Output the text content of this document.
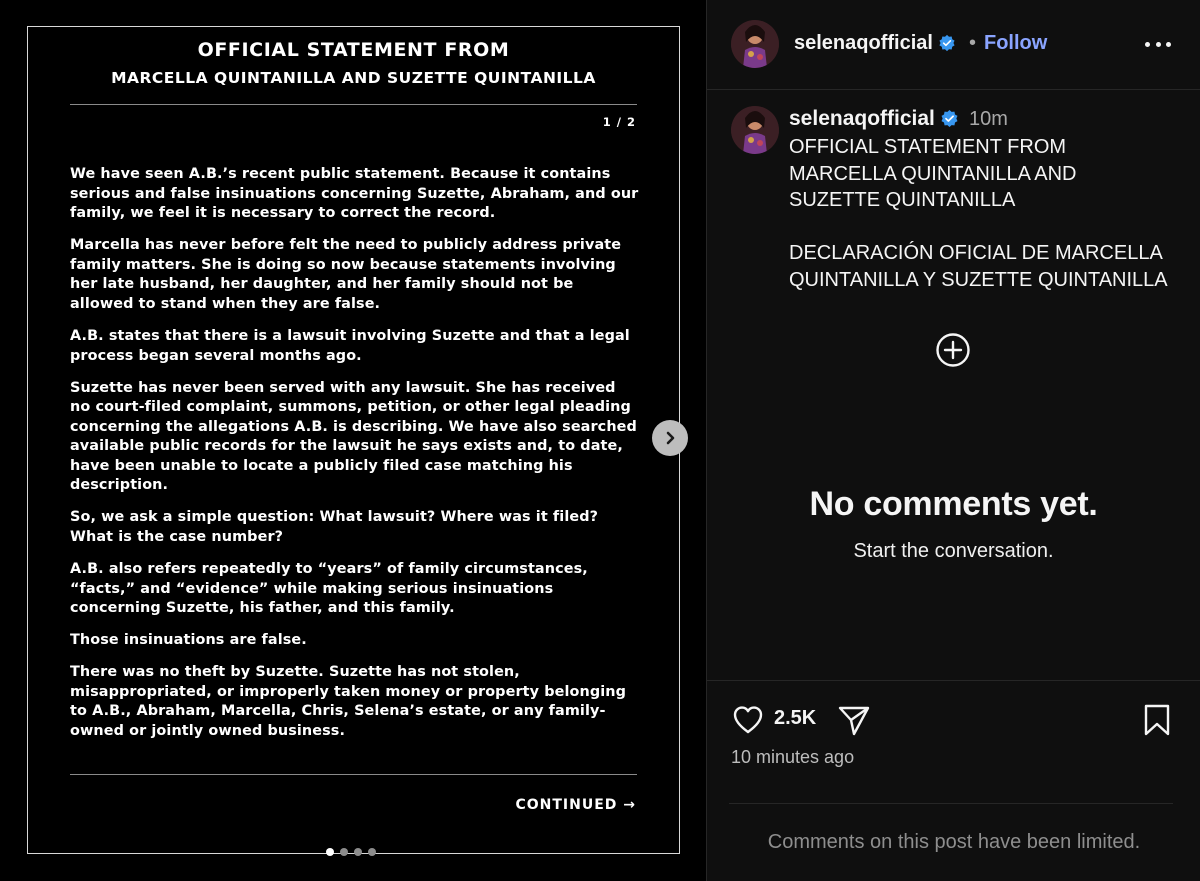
OFFICIAL STATEMENT FROM
MARCELLA QUINTANILLA AND SUZETTE QUINTANILLA
1 / 2

We have seen A.B.’s recent public statement. Because it contains serious and false insinuations concerning Suzette, Abraham, and our family, we feel it is necessary to correct the record.

Marcella has never before felt the need to publicly address private family matters. She is doing so now because statements involving her late husband, her daughter, and her family should not be allowed to stand when they are false.

A.B. states that there is a lawsuit involving Suzette and that a legal process began several months ago.

Suzette has never been served with any lawsuit. She has received no court-filed complaint, summons, petition, or other legal pleading concerning the allegations A.B. is describing. We have also searched available public records for the lawsuit he says exists and, to date, have been unable to locate a publicly filed case matching his description.

So, we ask a simple question: What lawsuit? Where was it filed? What is the case number?

A.B. also refers repeatedly to “years” of family circumstances, “facts,” and “evidence” while making serious insinuations concerning Suzette, his father, and this family.

Those insinuations are false.

There was no theft by Suzette. Suzette has not stolen, misappropriated, or improperly taken money or property belonging to A.B., Abraham, Marcella, Chris, Selena’s estate, or any family-owned or jointly owned business.

CONTINUED →
selenaqofficial	• Follow
selenaqofficial	10m
OFFICIAL STATEMENT FROM
MARCELLA QUINTANILLA AND
SUZETTE QUINTANILLA
DECLARACIÓN OFICIAL DE MARCELLA
QUINTANILLA Y SUZETTE QUINTANILLA
No comments yet.
Start the conversation.
2.5K
10 minutes ago
Comments on this post have been limited.
